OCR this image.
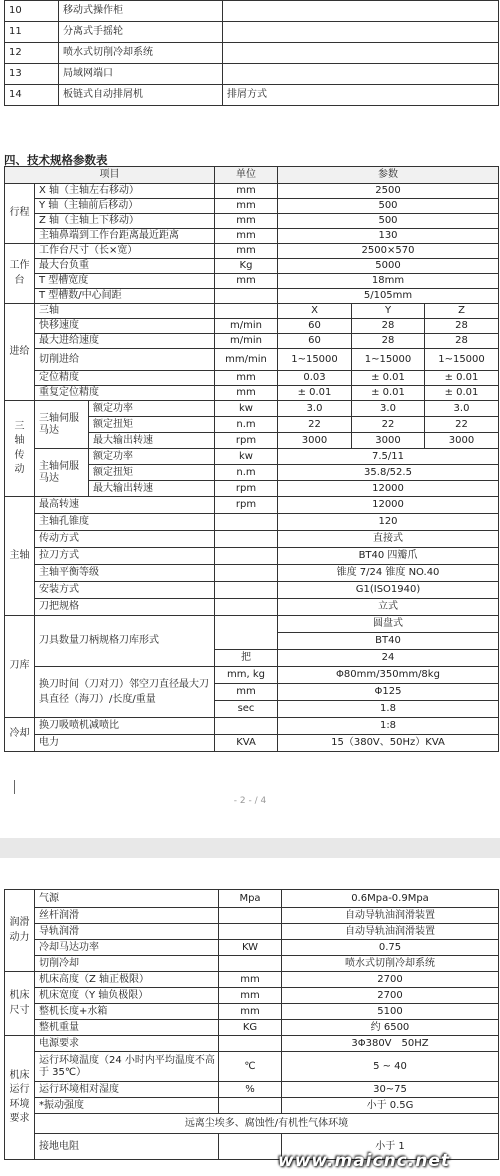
10	移动式操作柜	
11	分离式手摇轮	
12	喷水式切削冷却系统	
13	局域网端口	
14	板链式自动排屑机	排屑方式
四、技术规格参数表
项目			单位	参数		
行程	X 轴（主轴左右移动）		mm	2500		
	Y 轴（主轴前后移动）		mm	500		
	Z 轴（主轴上下移动）		mm	500		
	主轴鼻端到工作台距离最近距离		mm	130		
工作台	工作台尺寸（长×宽）		mm	2500×570		
	最大台负重		Kg	5000		
	T 型槽宽度		mm	18mm		
	T 型槽数/中心间距			5/105mm		
进给	三轴			X	Y	Z
	快移速度		m/min	60	28	28
	最大进给速度		m/min	60	28	28
	切削进给		mm/min	1~15000	1~15000	1~15000
	定位精度		mm	0.03	± 0.01	± 0.01
	重复定位精度		mm	± 0.01	± 0.01	± 0.01
三
轴
传
动	三轴伺服马达	额定功率	kw	3.0	3.0	3.0
		额定扭矩	n.m	22	22	22
		最大输出转速	rpm	3000	3000	3000
	主轴伺服马达	额定功率	kw	7.5/11		
		额定扭矩	n.m	35.8/52.5		
		最大输出转速	rpm	12000		
主轴	最高转速		rpm	12000		
	主轴孔锥度			120		
	传动方式			直接式		
	拉刀方式			BT40 四瓣爪		
	主轴平衡等级			锥度 7/24 锥度 NO.40		
	安装方式			G1(ISO1940)		
	刀把规格			立式		
刀库	刀具数量刀柄规格刀库形式			圆盘式		
				BT40		
			把	24		
	换刀时间（刀对刀）邻空刀直径最大刀具直径（海刀）/长度/重量		mm, kg	Φ80mm/350mm/8kg		
			mm	Φ125		
			sec	1.8		
冷却	换刀吸喷机减喷比			1:8		
	电力		KVA	15（380V、50Hz）KVA		
- 2 - / 4
润滑动力	气源	Mpa	0.6Mpa-0.9Mpa
	丝杆润滑		自动导轨油润滑装置
	导轨润滑		自动导轨油润滑装置
	冷却马达功率	KW	0.75
	切削冷却		喷水式切削冷却系统
机床尺寸	机床高度（Z 轴正极限）	mm	2700
	机床宽度（Y 轴负极限）	mm	2700
	整机长度+水箱	mm	5100
	整机重量	KG	约 6500
机床运行环境要求	电源要求		3Φ380V　50HZ
	运行环境温度（24 小时内平均温度不高于 35℃）	℃	5 ~ 40
	运行环境相对湿度	%	30~75
	*振动强度		小于 0.5G
	远离尘埃多、腐蚀性/有机性气体环境		
	接地电阻		小于 1
www.maicnc.net
